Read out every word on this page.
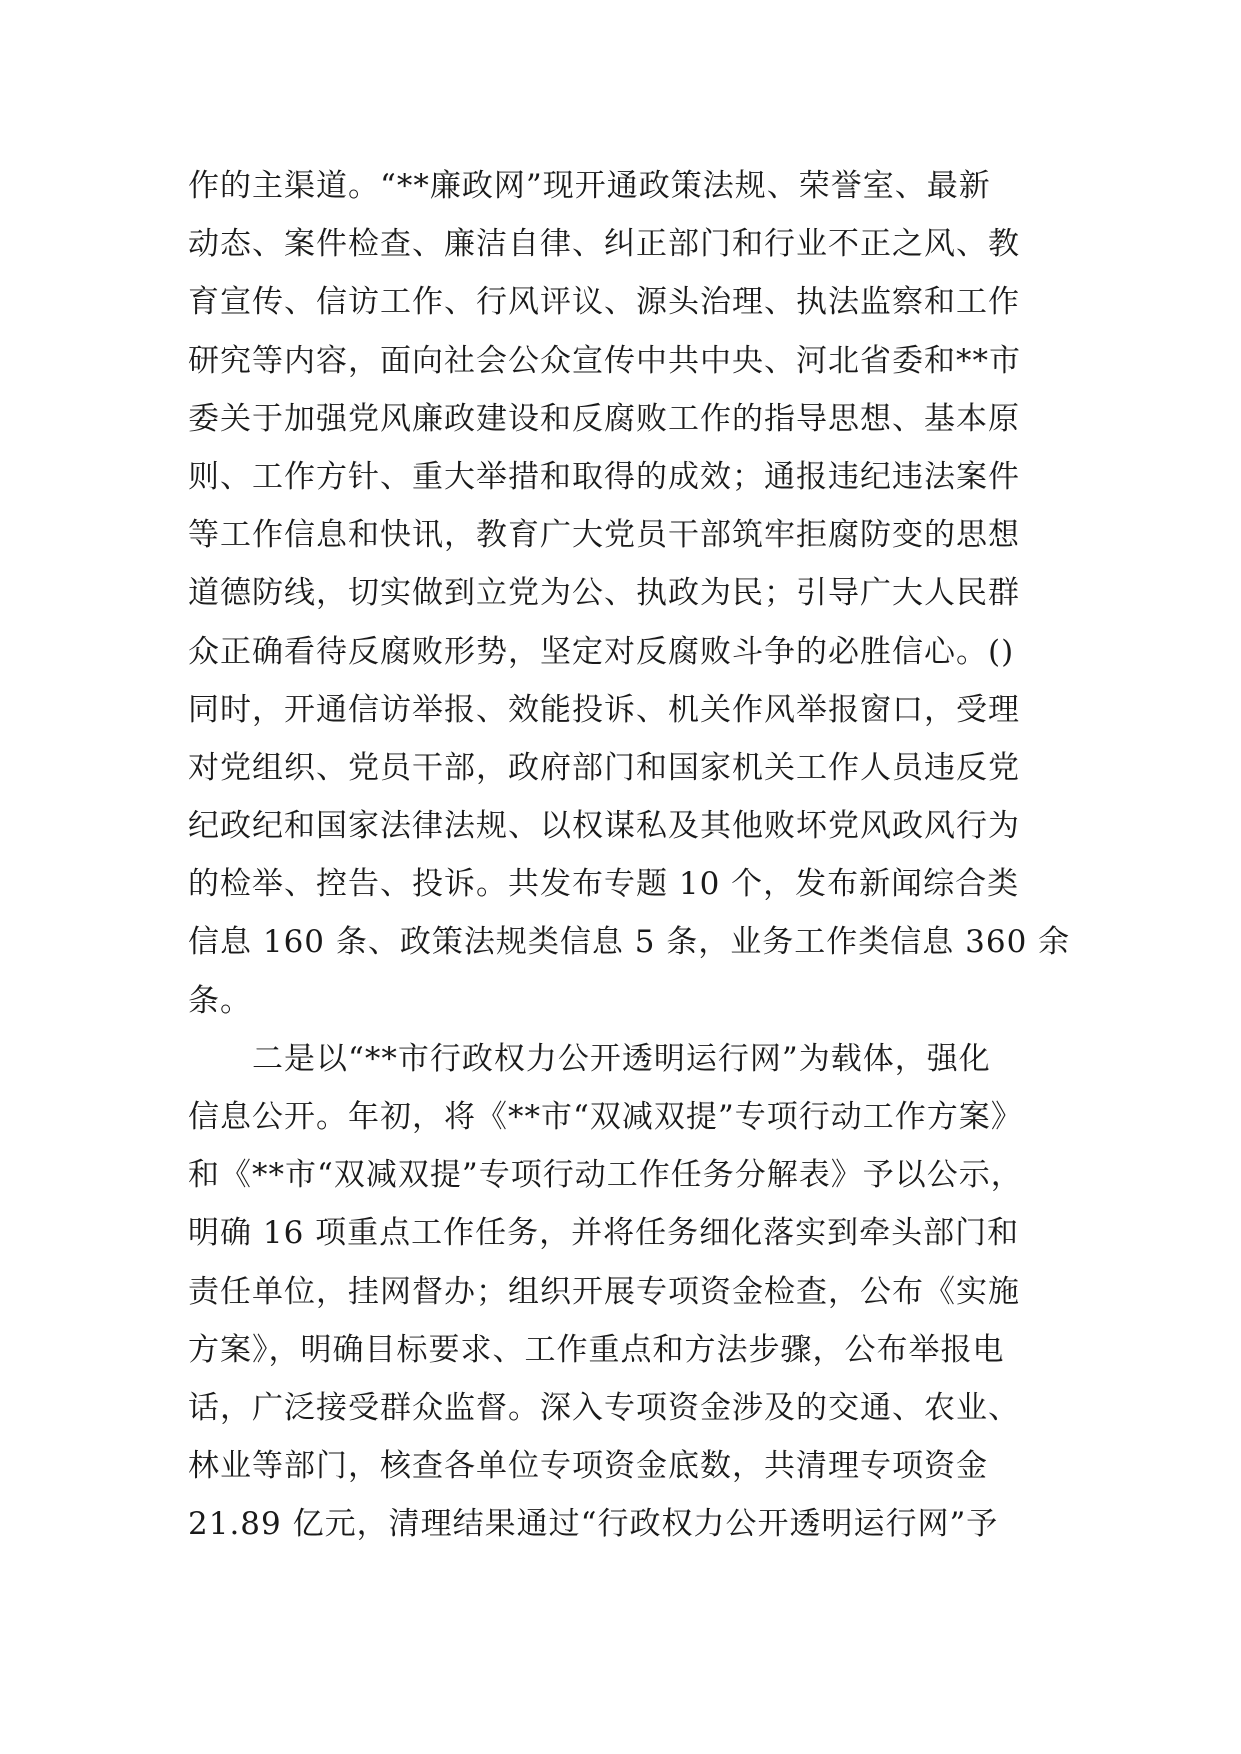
作的主渠道。“**廉政网”现开通政策法规、荣誉室、最新
动态、案件检查、廉洁自律、纠正部门和行业不正之风、教
育宣传、信访工作、行风评议、源头治理、执法监察和工作
研究等内容，面向社会公众宣传中共中央、河北省委和**市
委关于加强党风廉政建设和反腐败工作的指导思想、基本原
则、工作方针、重大举措和取得的成效；通报违纪违法案件
等工作信息和快讯，教育广大党员干部筑牢拒腐防变的思想
道德防线，切实做到立党为公、执政为民；引导广大人民群
众正确看待反腐败形势，坚定对反腐败斗争的必胜信心。()
同时，开通信访举报、效能投诉、机关作风举报窗口，受理
对党组织、党员干部，政府部门和国家机关工作人员违反党
纪政纪和国家法律法规、以权谋私及其他败坏党风政风行为
的检举、控告、投诉。共发布专题 10 个，发布新闻综合类
信息 160 条、政策法规类信息 5 条，业务工作类信息 360 余
条。
　　二是以“**市行政权力公开透明运行网”为载体，强化
信息公开。年初，将《**市“双减双提”专项行动工作方案》
和《**市“双减双提”专项行动工作任务分解表》予以公示，
明确 16 项重点工作任务，并将任务细化落实到牵头部门和
责任单位，挂网督办；组织开展专项资金检查，公布《实施
方案》，明确目标要求、工作重点和方法步骤，公布举报电
话，广泛接受群众监督。深入专项资金涉及的交通、农业、
林业等部门，核查各单位专项资金底数，共清理专项资金
21.89 亿元，清理结果通过“行政权力公开透明运行网”予
